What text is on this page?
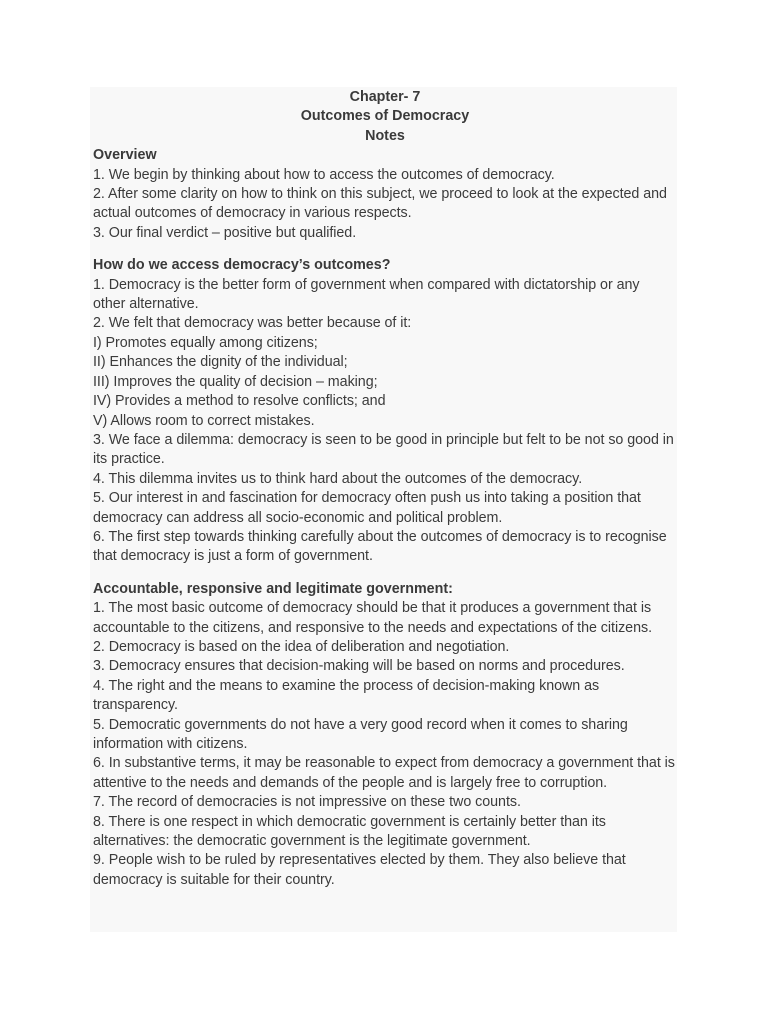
Chapter- 7

Outcomes of Democracy

Notes

Overview

1. We begin by thinking about how to access the outcomes of democracy.

2. After some clarity on how to think on this subject, we proceed to look at the expected and actual outcomes of democracy in various respects.

3. Our final verdict – positive but qualified.

How do we access democracy’s outcomes?

1. Democracy is the better form of government when compared with dictatorship or any other alternative.

2. We felt that democracy was better because of it:

I) Promotes equally among citizens;

II) Enhances the dignity of the individual;

III) Improves the quality of decision – making;

IV) Provides a method to resolve conflicts; and

V) Allows room to correct mistakes.

3. We face a dilemma: democracy is seen to be good in principle but felt to be not so good in its practice.

4. This dilemma invites us to think hard about the outcomes of the democracy.

5. Our interest in and fascination for democracy often push us into taking a position that democracy can address all socio-economic and political problem.

6. The first step towards thinking carefully about the outcomes of democracy is to recognise that democracy is just a form of government.

Accountable, responsive and legitimate government:

1. The most basic outcome of democracy should be that it produces a government that is accountable to the citizens, and responsive to the needs and expectations of the citizens.

2. Democracy is based on the idea of deliberation and negotiation.

3. Democracy ensures that decision-making will be based on norms and procedures.

4. The right and the means to examine the process of decision-making known as transparency.

5. Democratic governments do not have a very good record when it comes to sharing information with citizens.

6. In substantive terms, it may be reasonable to expect from democracy a government that is attentive to the needs and demands of the people and is largely free to corruption.

7. The record of democracies is not impressive on these two counts.

8. There is one respect in which democratic government is certainly better than its alternatives: the democratic government is the legitimate government.

9. People wish to be ruled by representatives elected by them. They also believe that democracy is suitable for their country.
